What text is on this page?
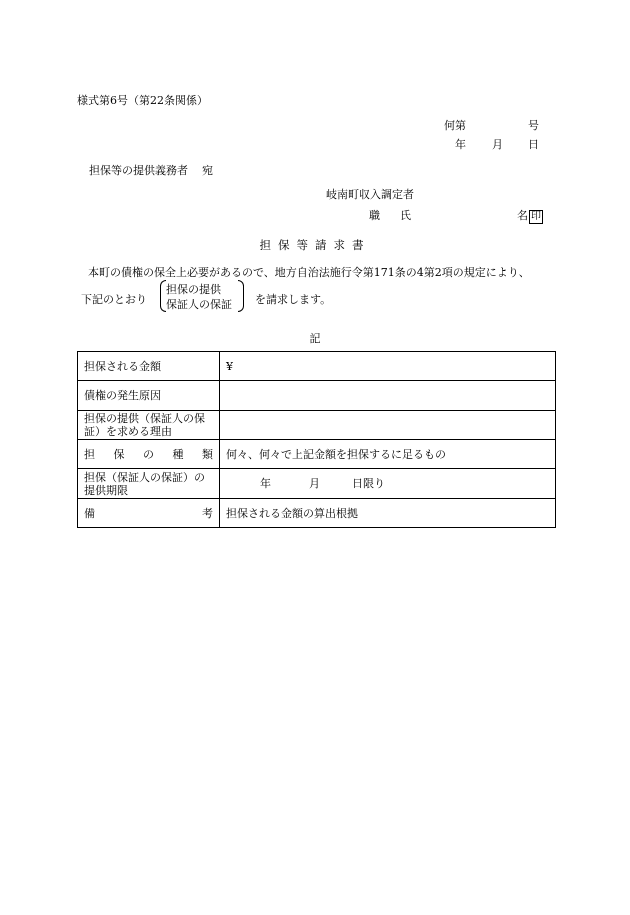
様式第6号（第22条関係）
何第	号
年 月 日
担保等の提供義務者 宛
岐南町収入調定者
職 氏	名 印
担保等請求書
本町の債権の保全上必要があるので、地方自治法施行令第171条の4第2項の規定により、
下記のとおり
担保の提供
保証人の保証 を請求します。
記
担保される金額	¥
債権の発生原因	

担保の提供（保証人の保
証）を求める理由	

担 保 の 種 類	何々、何々で上記金額を担保するに足るもの

担保（保証人の保証）の
提供期限	年 月 日限り

備 考	担保される金額の算出根拠
